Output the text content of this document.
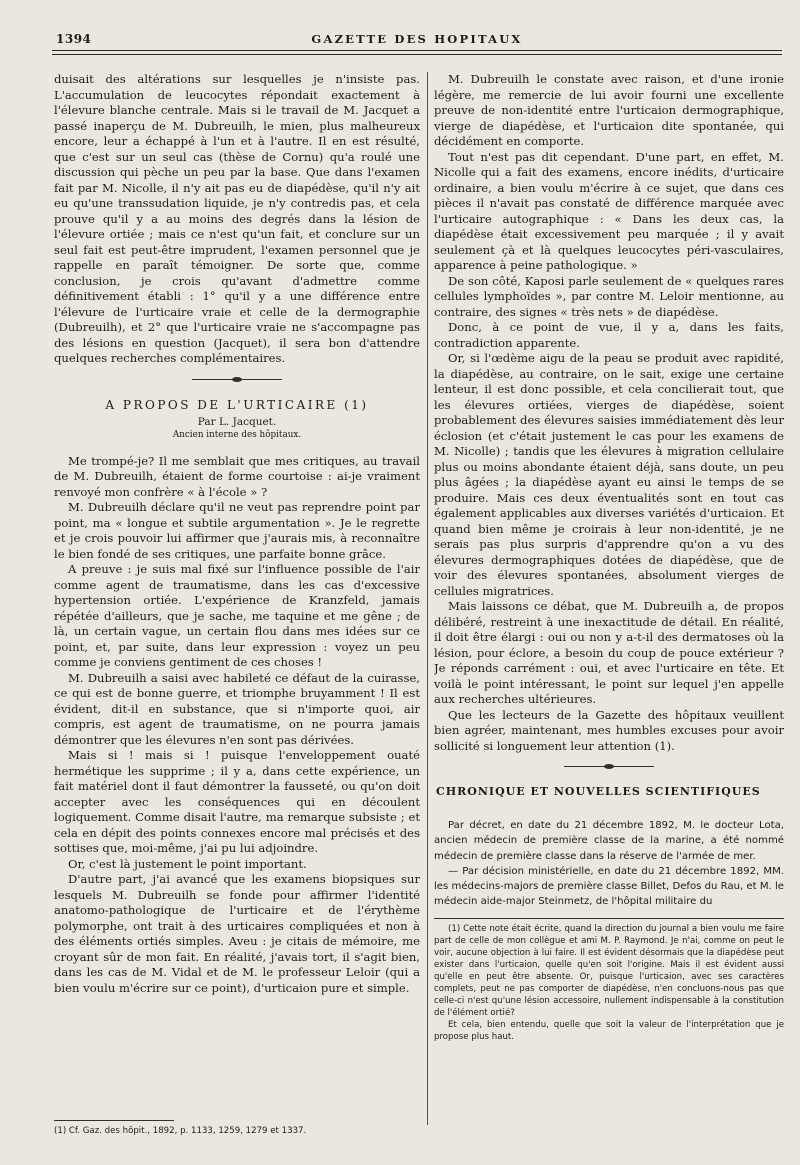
1394	GAZETTE DES HOPITAUX

duisait des altérations sur lesquelles je n'insiste pas. L'accumulation de leucocytes répondait exactement à l'élevure blanche centrale. Mais si le travail de M. Jacquet a passé inaperçu de M. Dubreuilh, le mien, plus malheureux encore, leur a échappé à l'un et à l'autre. Il en est résulté, que c'est sur un seul cas (thèse de Cornu) qu'a roulé une discussion qui pèche un peu par la base. Que dans l'examen fait par M. Nicolle, il n'y ait pas eu de diapédèse, qu'il n'y ait eu qu'une transsudation liquide, je n'y contredis pas, et cela prouve qu'il y a au moins des degrés dans la lésion de l'élevure ortiée ; mais ce n'est qu'un fait, et conclure sur un seul fait est peut-être imprudent, l'examen personnel que je rappelle en paraît témoigner. De sorte que, comme conclusion, je crois qu'avant d'admettre comme définitivement établi : 1° qu'il y a une différence entre l'élevure de l'urticaire vraie et celle de la dermographie (Dubreuilh), et 2° que l'urticaire vraie ne s'accompagne pas des lésions en question (Jacquet), il sera bon d'attendre quelques recherches complémentaires.

A PROPOS DE L'URTICAIRE (1)
Par L. Jacquet.
Ancien interne des hôpitaux.

Me trompé-je? Il me semblait que mes critiques, au travail de M. Dubreuilh, étaient de forme courtoise : ai-je vraiment renvoyé mon confrère « à l'école » ?

M. Dubreuilh déclare qu'il ne veut pas reprendre point par point, ma « longue et subtile argumentation ». Je le regrette et je crois pouvoir lui affirmer que j'aurais mis, à reconnaître le bien fondé de ses critiques, une parfaite bonne grâce.

A preuve : je suis mal fixé sur l'influence possible de l'air comme agent de traumatisme, dans les cas d'excessive hypertension ortiée. L'expérience de Kranzfeld, jamais répétée d'ailleurs, que je sache, me taquine et me gêne ; de là, un certain vague, un certain flou dans mes idées sur ce point, et, par suite, dans leur expression : voyez un peu comme je conviens gentiment de ces choses !

M. Dubreuilh a saisi avec habileté ce défaut de la cuirasse, ce qui est de bonne guerre, et triomphe bruyamment ! Il est évident, dit-il en substance, que si n'importe quoi, air compris, est agent de traumatisme, on ne pourra jamais démontrer que les élevures n'en sont pas dérivées.

Mais si ! mais si ! puisque l'enveloppement ouaté hermétique les supprime ; il y a, dans cette expérience, un fait matériel dont il faut démontrer la fausseté, ou qu'on doit accepter avec les conséquences qui en découlent logiquement. Comme disait l'autre, ma remarque subsiste ; et cela en dépit des points connexes encore mal précisés et des sottises que, moi-même, j'ai pu lui adjoindre.

Or, c'est là justement le point important.

D'autre part, j'ai avancé que les examens biopsiques sur lesquels M. Dubreuilh se fonde pour affirmer l'identité anatomo-pathologique de l'urticaire et de l'érythème polymorphe, ont trait à des urticaires compliquées et non à des éléments ortiés simples. Aveu : je citais de mémoire, me croyant sûr de mon fait. En réalité, j'avais tort, il s'agit bien, dans les cas de M. Vidal et de M. le professeur Leloir (qui a bien voulu m'écrire sur ce point), d'urticaion pure et simple.

(1) Cf. Gaz. des hôpit., 1892, p. 1133, 1259, 1279 et 1337.

M. Dubreuilh le constate avec raison, et d'une ironie légère, me remercie de lui avoir fourni une excellente preuve de non-identité entre l'urticaion dermographique, vierge de diapédèse, et l'urticaion dite spontanée, qui décidément en comporte.

Tout n'est pas dit cependant. D'une part, en effet, M. Nicolle qui a fait des examens, encore inédits, d'urticaire ordinaire, a bien voulu m'écrire à ce sujet, que dans ces pièces il n'avait pas constaté de différence marquée avec l'urticaire autographique : « Dans les deux cas, la diapédèse était excessivement peu marquée ; il y avait seulement çà et là quelques leucocytes péri-vasculaires, apparence à peine pathologique. »

De son côté, Kaposi parle seulement de « quelques rares cellules lymphoïdes », par contre M. Leloir mentionne, au contraire, des signes « très nets » de diapédèse.

Donc, à ce point de vue, il y a, dans les faits, contradiction apparente.

Or, si l'œdème aigu de la peau se produit avec rapidité, la diapédèse, au contraire, on le sait, exige une certaine lenteur, il est donc possible, et cela concilierait tout, que les élevures ortiées, vierges de diapédèse, soient probablement des élevures saisies immédiatement dès leur éclosion (et c'était justement le cas pour les examens de M. Nicolle) ; tandis que les élevures à migration cellulaire plus ou moins abondante étaient déjà, sans doute, un peu plus âgées ; la diapédèse ayant eu ainsi le temps de se produire. Mais ces deux éventualités sont en tout cas également applicables aux diverses variétés d'urticaion. Et quand bien même je croirais à leur non-identité, je ne serais pas plus surpris d'apprendre qu'on a vu des élevures dermographiques dotées de diapédèse, que de voir des élevures spontanées, absolument vierges de cellules migratrices.

Mais laissons ce débat, que M. Dubreuilh a, de propos délibéré, restreint à une inexactitude de détail. En réalité, il doit être élargi : oui ou non y a-t-il des dermatoses où la lésion, pour éclore, a besoin du coup de pouce extérieur ? Je réponds carrément : oui, et avec l'urticaire en tête. Et voilà le point intéressant, le point sur lequel j'en appelle aux recherches ultérieures.

Que les lecteurs de la Gazette des hôpitaux veuillent bien agréer, maintenant, mes humbles excuses pour avoir sollicité si longuement leur attention (1).

CHRONIQUE ET NOUVELLES SCIENTIFIQUES

Par décret, en date du 21 décembre 1892, M. le docteur Lota, ancien médecin de première classe de la marine, a été nommé médecin de première classe dans la réserve de l'armée de mer.

— Par décision ministérielle, en date du 21 décembre 1892, MM. les médecins-majors de première classe Billet, Defos du Rau, et M. le médecin aide-major Steinmetz, de l'hôpital militaire du

(1) Cette note était écrite, quand la direction du journal a bien voulu me faire part de celle de mon collègue et ami M. P. Raymond. Je n'ai, comme on peut le voir, aucune objection à lui faire. Il est évident désormais que la diapédèse peut exister dans l'urticaion, quelle qu'en soit l'origine. Mais il est évident aussi qu'elle en peut être absente. Or, puisque l'urticaion, avec ses caractères complets, peut ne pas comporter de diapédèse, n'en concluons-nous pas que celle-ci n'est qu'une lésion accessoire, nullement indispensable à la constitution de l'élément ortié?

Et cela, bien entendu, quelle que soit la valeur de l'interprétation que je propose plus haut.
